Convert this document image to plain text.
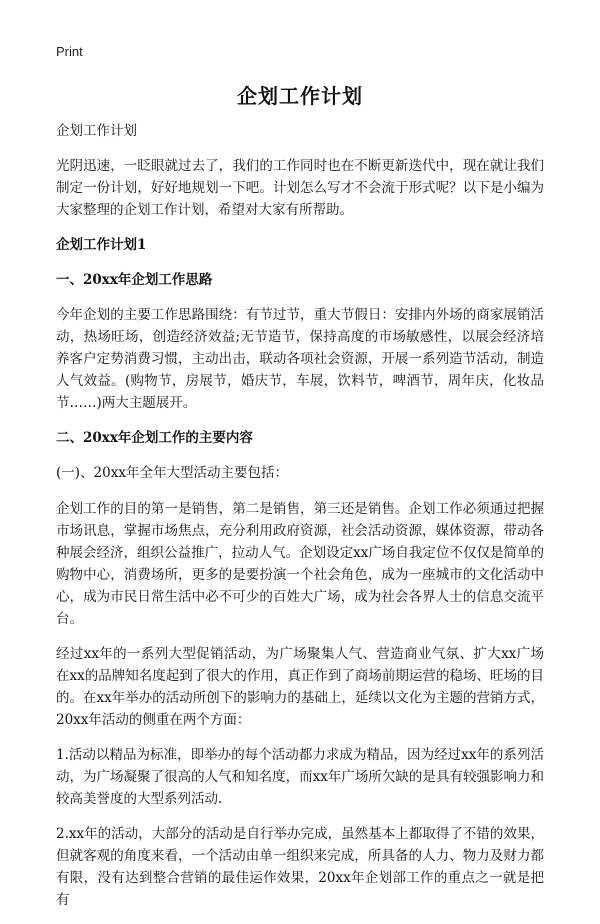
Print
企划工作计划

企划工作计划

光阴迅速，一眨眼就过去了，我们的工作同时也在不断更新迭代中，现在就让我们制定一份计划，好好地规划一下吧。计划怎么写才不会流于形式呢？以下是小编为大家整理的企划工作计划，希望对大家有所帮助。

企划工作计划1
一、20xx年企划工作思路

今年企划的主要工作思路围绕：有节过节，重大节假日：安排内外场的商家展销活动，热场旺场，创造经济效益;无节造节，保持高度的市场敏感性，以展会经济培养客户定势消费习惯，主动出击，联动各项社会资源，开展一系列造节活动，制造人气效益。(购物节，房展节，婚庆节，车展，饮料节，啤酒节，周年庆，化妆品节……)两大主题展开。

二、20xx年企划工作的主要内容

(一)、20xx年全年大型活动主要包括：

企划工作的目的第一是销售，第二是销售，第三还是销售。企划工作必须通过把握市场讯息，掌握市场焦点，充分利用政府资源，社会活动资源，媒体资源，带动各种展会经济，组织公益推广，拉动人气。企划设定xx广场自我定位不仅仅是简单的购物中心，消费场所，更多的是要扮演一个社会角色，成为一座城市的文化活动中心，成为市民日常生活中必不可少的百姓大广场，成为社会各界人士的信息交流平台。

经过xx年的一系列大型促销活动，为广场聚集人气、营造商业气氛、扩大xx广场在xx的品牌知名度起到了很大的作用，真正作到了商场前期运营的稳场、旺场的目的。在xx年举办的活动所创下的影响力的基础上，延续以文化为主题的营销方式，20xx年活动的侧重在两个方面：

1.活动以精品为标准，即举办的每个活动都力求成为精品，因为经过xx年的系列活动，为广场凝聚了很高的人气和知名度，而xx年广场所欠缺的是具有较强影响力和较高美誉度的大型系列活动.

2.xx年的活动，大部分的活动是自行举办完成，虽然基本上都取得了不错的效果，但就客观的角度来看，一个活动由单一组织来完成，所具备的人力、物力及财力都有限，没有达到整合营销的最佳运作效果，20xx年企划部工作的重点之一就是把有
